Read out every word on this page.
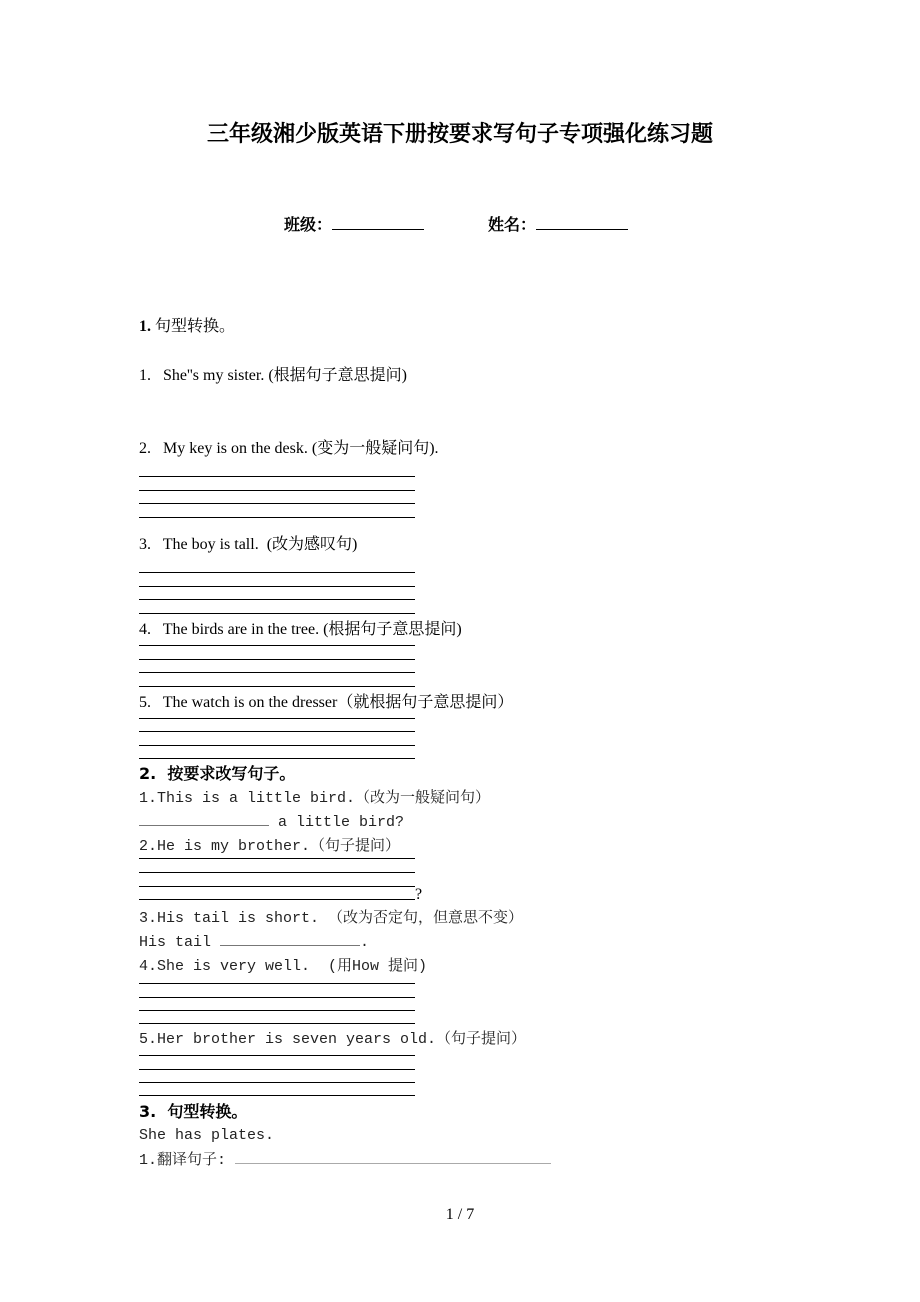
三年级湘少版英语下册按要求写句子专项强化练习题
班级：	姓名：
1. 句型转换。
1.   She''s my sister. (根据句子意思提问)
2.   My key is on the desk. (变为一般疑问句).
3.   The boy is tall.  (改为感叹句)
4.   The birds are in the tree. (根据句子意思提问)
5.   The watch is on the dresser（就根据句子意思提问）
2.  按要求改写句子。
1.This is a little bird.（改为一般疑问句）
a little bird?
2.He is my brother.（句子提问）
?
3.His tail is short. （改为否定句，但意思不变）
His tail	.
4.She is very well.  (用How 提问)
5.Her brother is seven years old.（句子提问）
3.  句型转换。
She has plates.
1.翻译句子:
1 / 7
